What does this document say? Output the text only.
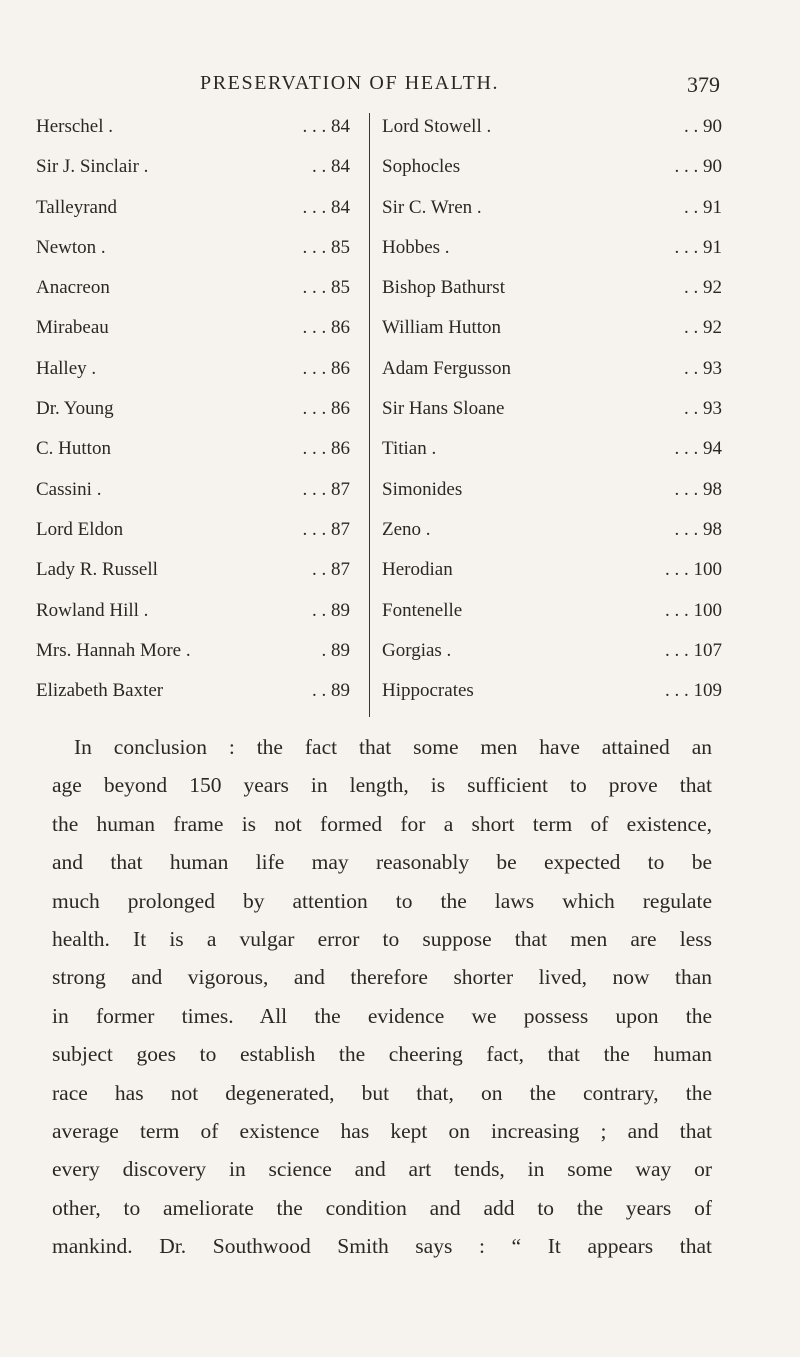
PRESERVATION OF HEALTH.	379
Herschel .	. . . 84
Sir J. Sinclair .	. . 84
Talleyrand	. . . 84
Newton .	. . . 85
Anacreon	. . . 85
Mirabeau	. . . 86
Halley .	. . . 86
Dr. Young	. . . 86
C. Hutton	. . . 86
Cassini .	. . . 87
Lord Eldon	. . . 87
Lady R. Russell	. . 87
Rowland Hill .	. . 89
Mrs. Hannah More .	. 89
Elizabeth Baxter	. . 89
Lord Stowell .	. . 90
Sophocles	. . . 90
Sir C. Wren .	. . 91
Hobbes .	. . . 91
Bishop Bathurst	. . 92
William Hutton	. . 92
Adam Fergusson	. . 93
Sir Hans Sloane	. . 93
Titian .	. . . 94
Simonides	. . . 98
Zeno .	. . . 98
Herodian	. . . 100
Fontenelle	. . . 100
Gorgias .	. . . 107
Hippocrates	. . . 109

In conclusion : the fact that some men have attained an
age beyond 150 years in length, is sufficient to prove that
the human frame is not formed for a short term of existence,
and that human life may reasonably be expected to be
much prolonged by attention to the laws which regulate
health. It is a vulgar error to suppose that men are less
strong and vigorous, and therefore shorter lived, now than
in former times. All the evidence we possess upon the
subject goes to establish the cheering fact, that the human
race has not degenerated, but that, on the contrary, the
average term of existence has kept on increasing ; and that
every discovery in science and art tends, in some way or
other, to ameliorate the condition and add to the years of
mankind. Dr. Southwood Smith says : “ It appears that
